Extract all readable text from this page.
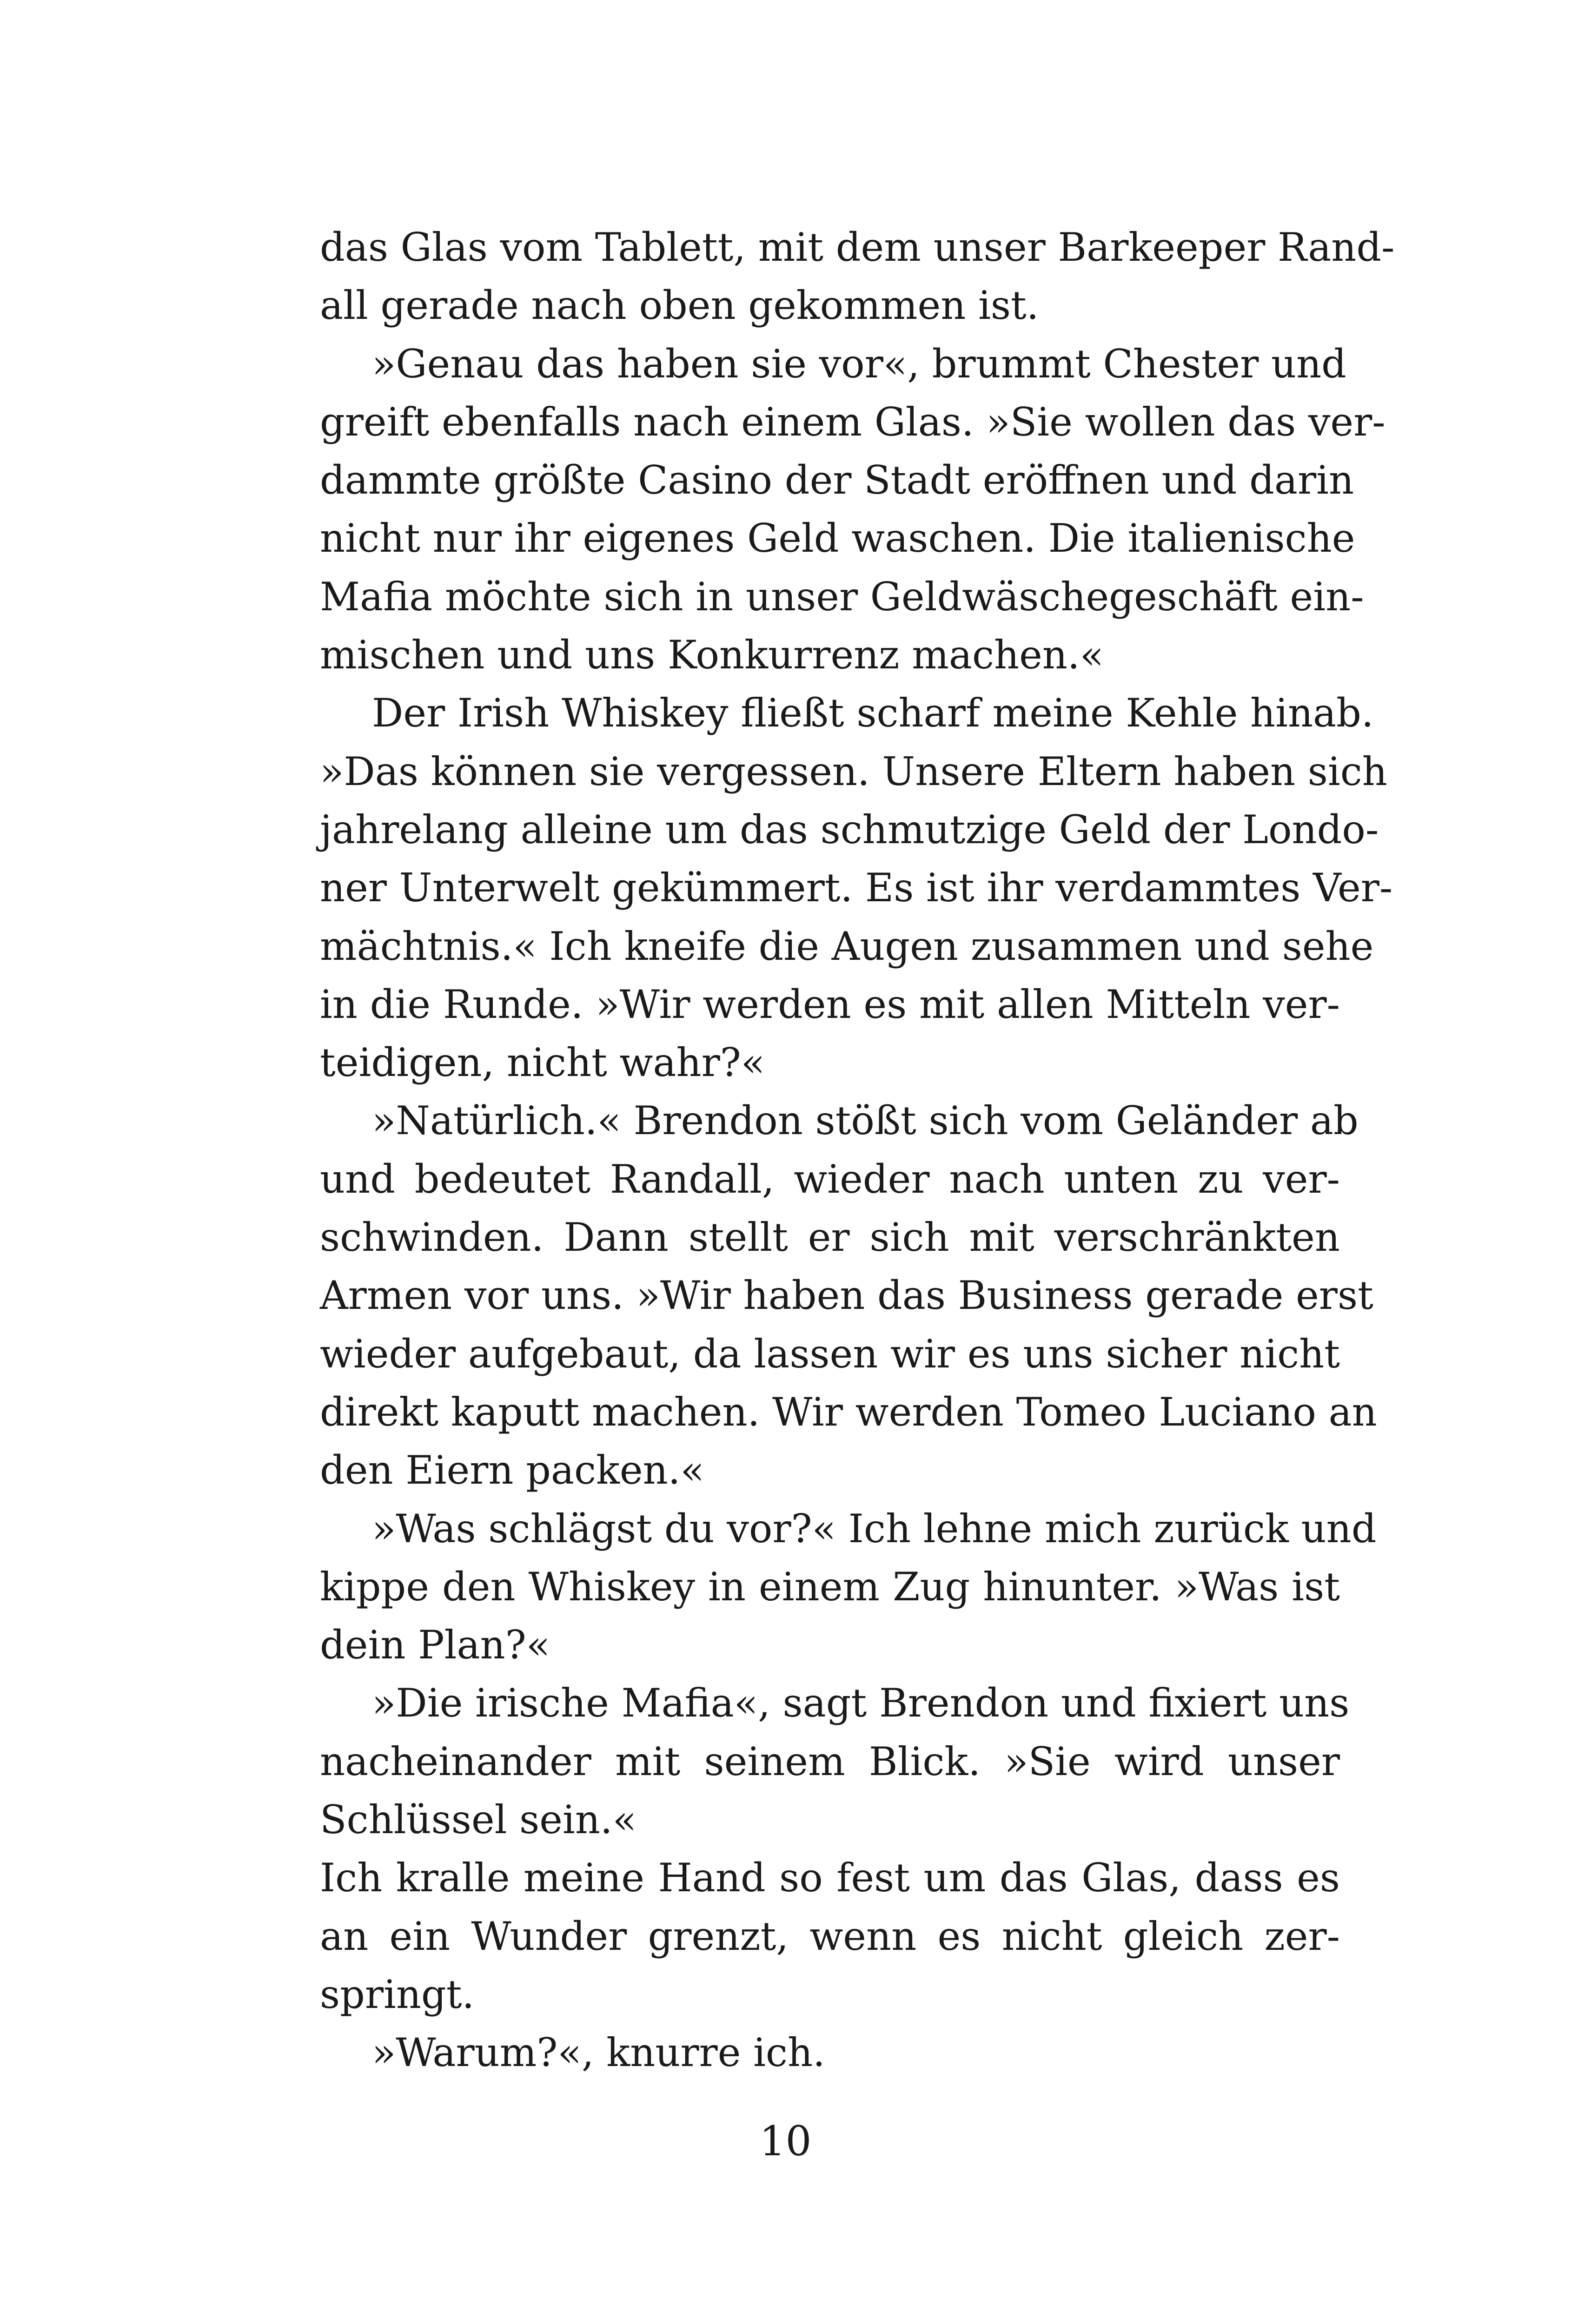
das Glas vom Tablett, mit dem unser Barkeeper Rand-
all gerade nach oben gekommen ist.
»Genau das haben sie vor«, brummt Chester und
greift ebenfalls nach einem Glas. »Sie wollen das ver-
dammte größte Casino der Stadt eröffnen und darin
nicht nur ihr eigenes Geld waschen. Die italienische
Mafia möchte sich in unser Geldwäschegeschäft ein-
mischen und uns Konkurrenz machen.«
Der Irish Whiskey fließt scharf meine Kehle hinab.
»Das können sie vergessen. Unsere Eltern haben sich
jahrelang alleine um das schmutzige Geld der Londo-
ner Unterwelt gekümmert. Es ist ihr verdammtes Ver-
mächtnis.« Ich kneife die Augen zusammen und sehe
in die Runde. »Wir werden es mit allen Mitteln ver-
teidigen, nicht wahr?«
»Natürlich.« Brendon stößt sich vom Geländer ab
und bedeutet Randall, wieder nach unten zu ver-
schwinden. Dann stellt er sich mit verschränkten
Armen vor uns. »Wir haben das Business gerade erst
wieder aufgebaut, da lassen wir es uns sicher nicht
direkt kaputt machen. Wir werden Tomeo Luciano an
den Eiern packen.«
»Was schlägst du vor?« Ich lehne mich zurück und
kippe den Whiskey in einem Zug hinunter. »Was ist
dein Plan?«
»Die irische Mafia«, sagt Brendon und fixiert uns
nacheinander mit seinem Blick. »Sie wird unser
Schlüssel sein.«
Ich kralle meine Hand so fest um das Glas, dass es
an ein Wunder grenzt, wenn es nicht gleich zer-
springt.
»Warum?«, knurre ich.
10
